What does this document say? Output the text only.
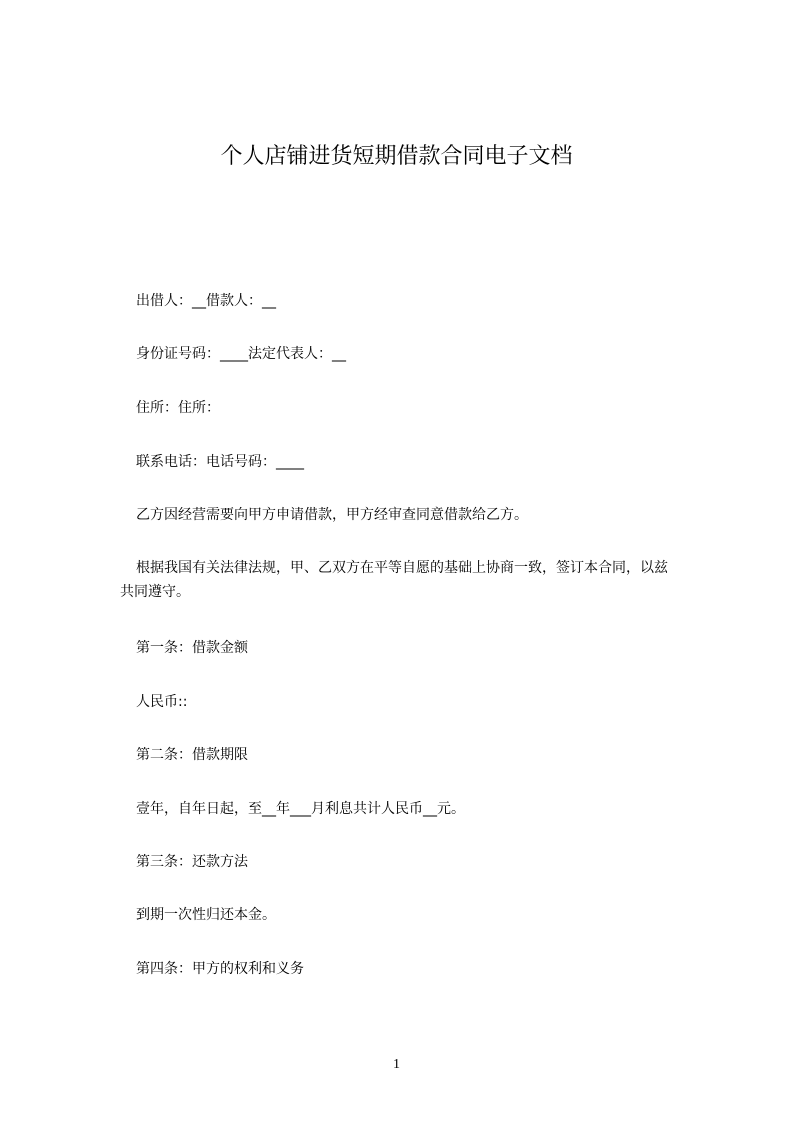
个人店铺进货短期借款合同电子文档

出借人：__借款人：__

身份证号码：____法定代表人：__

住所：住所：

联系电话：电话号码：____

乙方因经营需要向甲方申请借款，甲方经审查同意借款给乙方。

根据我国有关法律法规，甲、乙双方在平等自愿的基础上协商一致，签订本合同，以兹共同遵守。

第一条：借款金额

人民币::

第二条：借款期限

壹年，自年日起，至__年___月利息共计人民币__元。

第三条：还款方法

到期一次性归还本金。

第四条：甲方的权利和义务

1
